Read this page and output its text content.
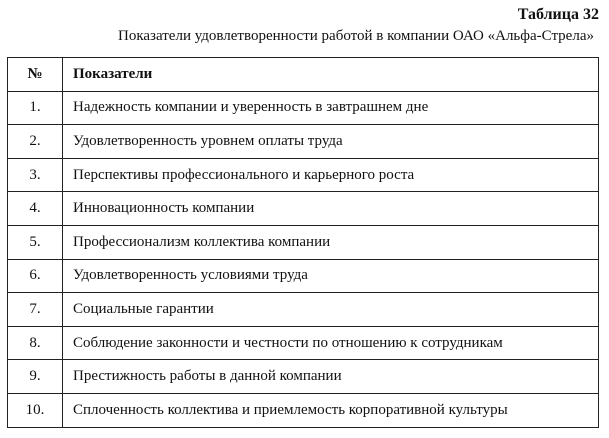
Таблица 32
Показатели удовлетворенности работой в компании ОАО «Альфа-Стрела»
№	Показатели
1.	Надежность компании и уверенность в завтрашнем дне
2.	Удовлетворенность уровнем оплаты труда
3.	Перспективы профессионального и карьерного роста
4.	Инновационность компании
5.	Профессионализм коллектива компании
6.	Удовлетворенность условиями труда
7.	Социальные гарантии
8.	Соблюдение законности и честности по отношению к сотрудникам
9.	Престижность работы в данной компании
10.	Сплоченность коллектива и приемлемость корпоративной культуры
